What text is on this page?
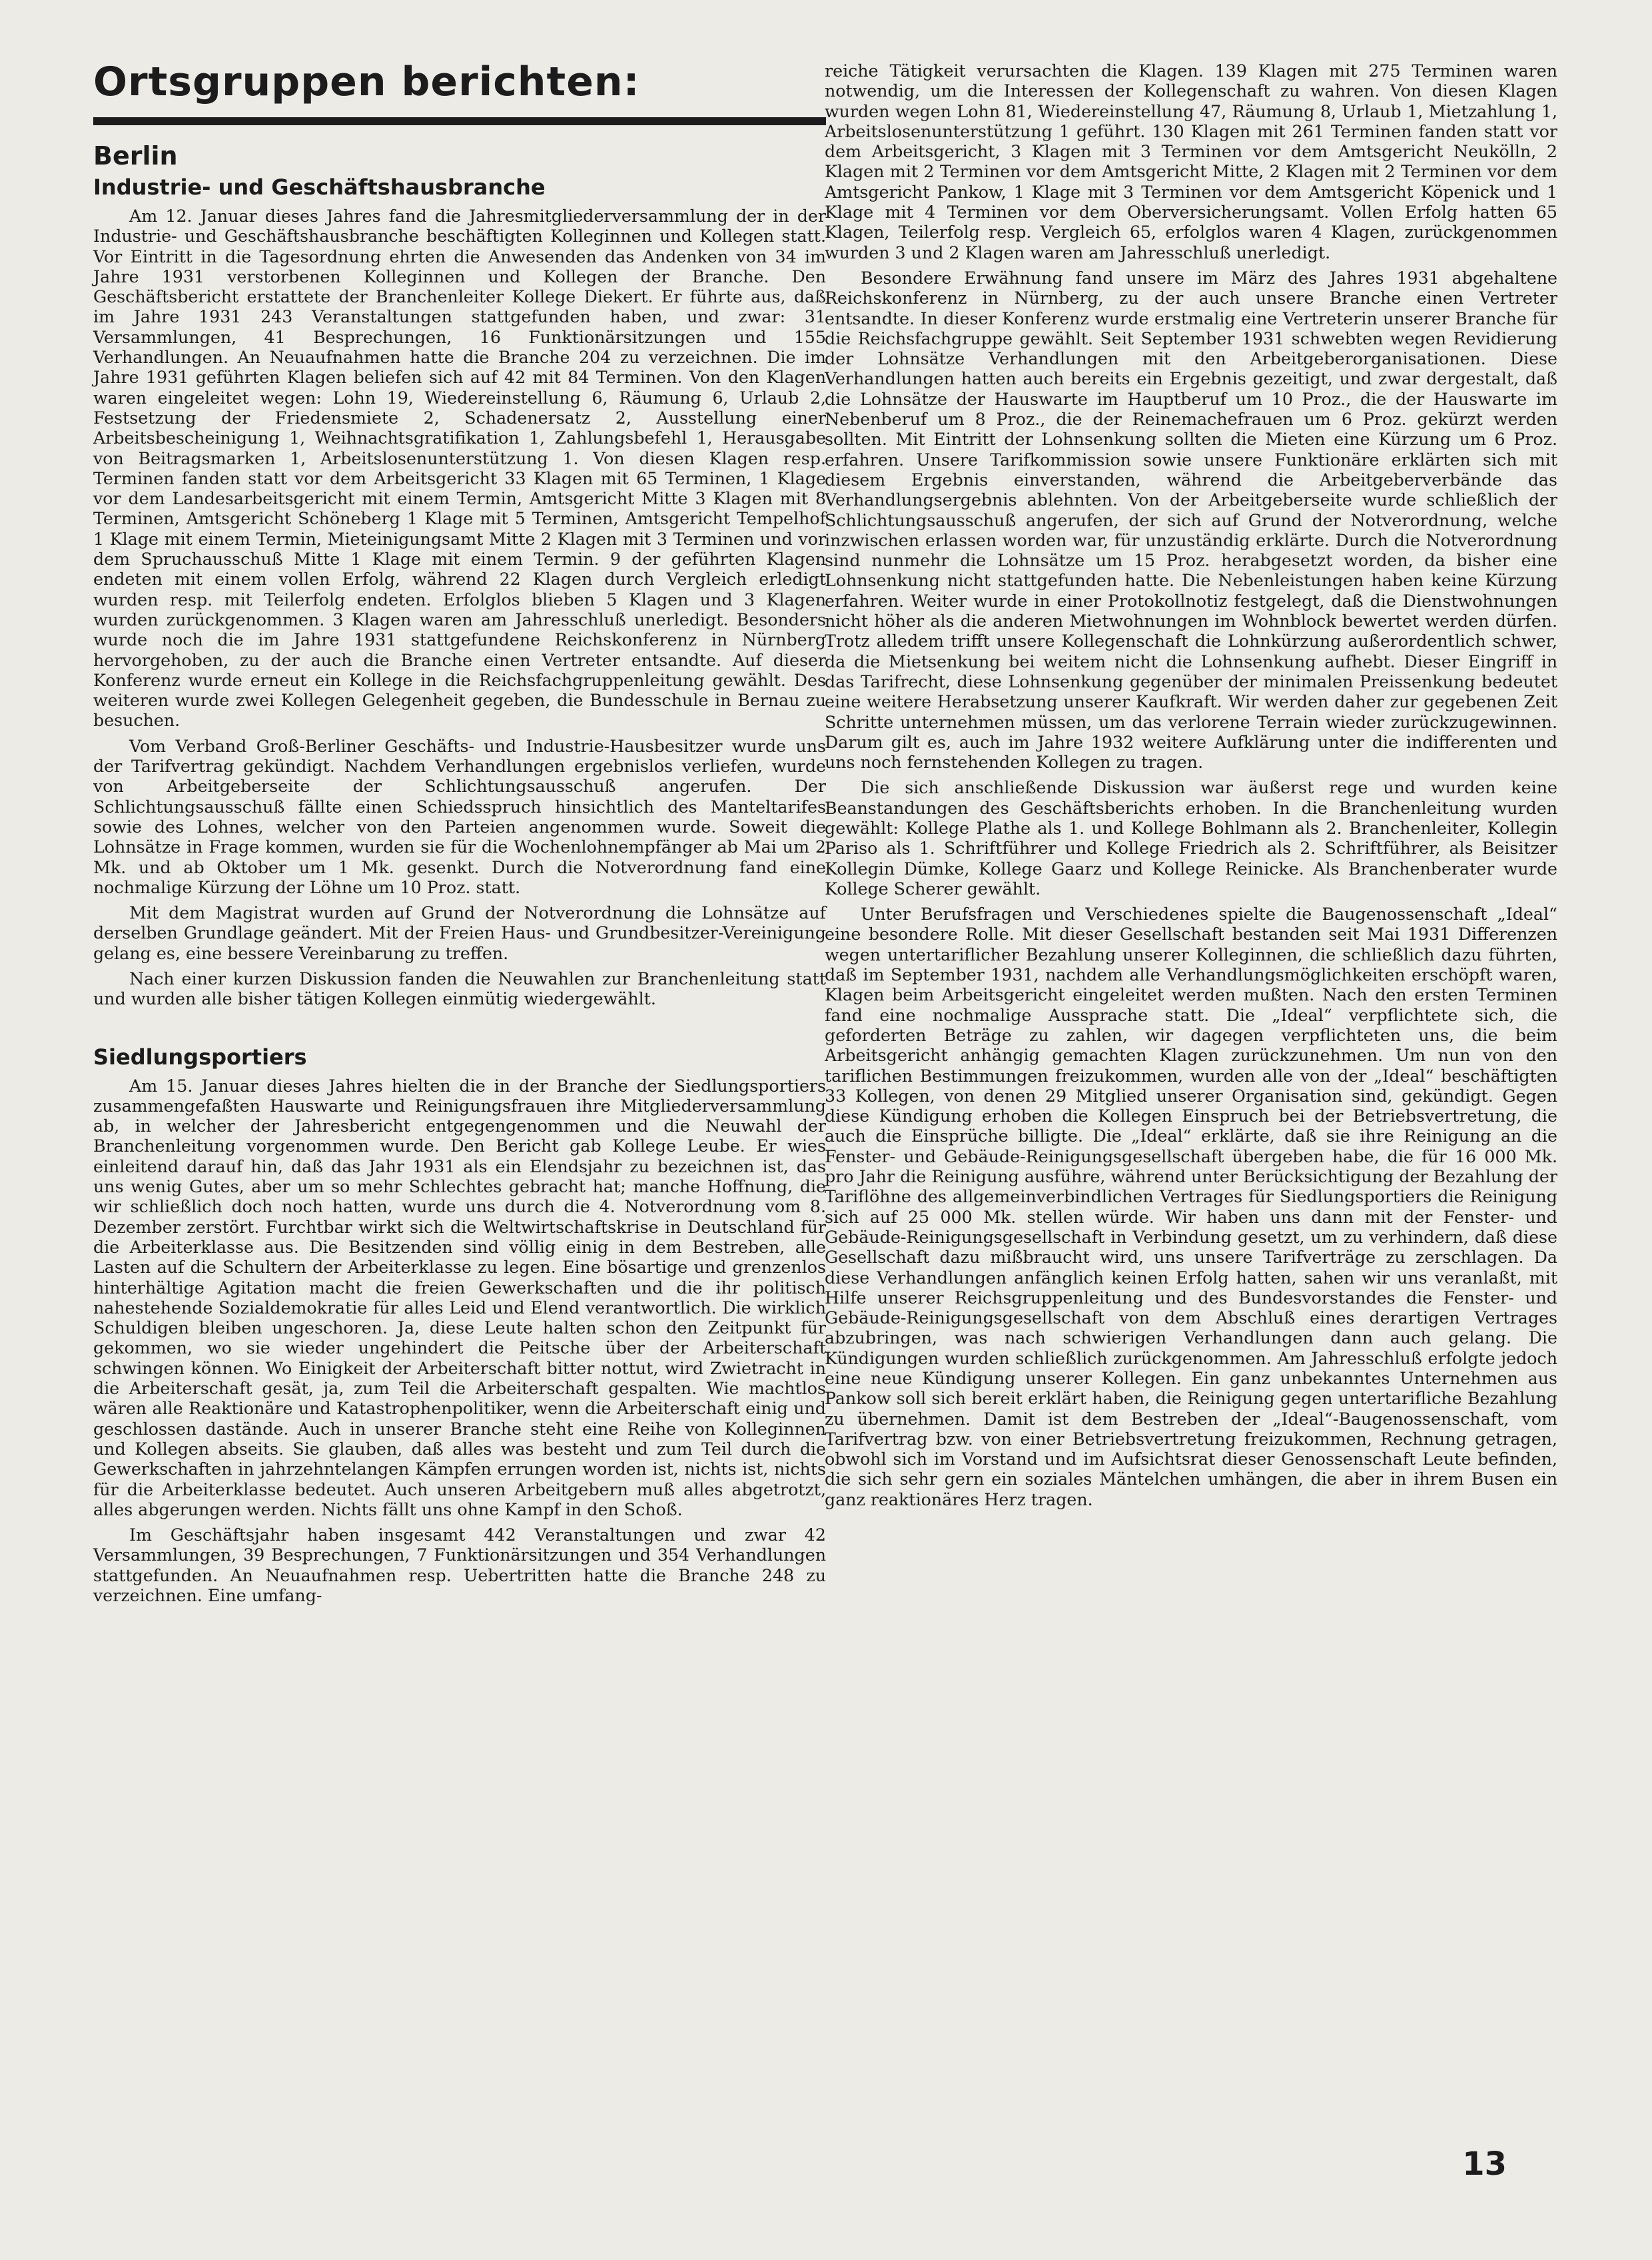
Ortsgruppen berichten:
Berlin
Industrie- und Geschäftshausbranche

Am 12. Januar dieses Jahres fand die Jahresmitgliederversammlung der in der Industrie- und Geschäftshausbranche beschäftigten Kolleginnen und Kollegen statt. Vor Eintritt in die Tagesordnung ehrten die Anwesenden das Andenken von 34 im Jahre 1931 verstorbenen Kolleginnen und Kollegen der Branche. Den Geschäftsbericht erstattete der Branchenleiter Kollege Diekert. Er führte aus, daß im Jahre 1931 243 Veranstaltungen stattgefunden haben, und zwar: 31 Versammlungen, 41 Besprechungen, 16 Funktionärsitzungen und 155 Verhandlungen. An Neuaufnahmen hatte die Branche 204 zu verzeichnen. Die im Jahre 1931 geführten Klagen beliefen sich auf 42 mit 84 Terminen. Von den Klagen waren eingeleitet wegen: Lohn 19, Wiedereinstellung 6, Räumung 6, Urlaub 2, Festsetzung der Friedensmiete 2, Schadenersatz 2, Ausstellung einer Arbeitsbescheinigung 1, Weihnachtsgratifikation 1, Zahlungsbefehl 1, Herausgabe von Beitragsmarken 1, Arbeitslosenunterstützung 1. Von diesen Klagen resp. Terminen fanden statt vor dem Arbeitsgericht 33 Klagen mit 65 Terminen, 1 Klage vor dem Landesarbeitsgericht mit einem Termin, Amtsgericht Mitte 3 Klagen mit 8 Terminen, Amtsgericht Schöneberg 1 Klage mit 5 Terminen, Amtsgericht Tempelhof 1 Klage mit einem Termin, Mieteinigungsamt Mitte 2 Klagen mit 3 Terminen und vor dem Spruchausschuß Mitte 1 Klage mit einem Termin. 9 der geführten Klagen endeten mit einem vollen Erfolg, während 22 Klagen durch Vergleich erledigt wurden resp. mit Teilerfolg endeten. Erfolglos blieben 5 Klagen und 3 Klagen wurden zurückgenommen. 3 Klagen waren am Jahresschluß unerledigt. Besonders wurde noch die im Jahre 1931 stattgefundene Reichskonferenz in Nürnberg hervorgehoben, zu der auch die Branche einen Vertreter entsandte. Auf dieser Konferenz wurde erneut ein Kollege in die Reichsfachgruppenleitung gewählt. Des weiteren wurde zwei Kollegen Gelegenheit gegeben, die Bundesschule in Bernau zu besuchen.

Vom Verband Groß-Berliner Geschäfts- und Industrie-Hausbesitzer wurde uns der Tarifvertrag gekündigt. Nachdem Verhandlungen ergebnislos verliefen, wurde von Arbeitgeberseite der Schlichtungsausschuß angerufen. Der Schlichtungsausschuß fällte einen Schiedsspruch hinsichtlich des Manteltarifes sowie des Lohnes, welcher von den Parteien angenommen wurde. Soweit die Lohnsätze in Frage kommen, wurden sie für die Wochenlohnempfänger ab Mai um 2 Mk. und ab Oktober um 1 Mk. gesenkt. Durch die Notverordnung fand eine nochmalige Kürzung der Löhne um 10 Proz. statt.

Mit dem Magistrat wurden auf Grund der Notverordnung die Lohnsätze auf derselben Grundlage geändert. Mit der Freien Haus- und Grundbesitzer-Vereinigung gelang es, eine bessere Vereinbarung zu treffen.

Nach einer kurzen Diskussion fanden die Neuwahlen zur Branchenleitung statt und wurden alle bisher tätigen Kollegen einmütig wiedergewählt.

Siedlungsportiers

Am 15. Januar dieses Jahres hielten die in der Branche der Siedlungsportiers zusammengefaßten Hauswarte und Reinigungsfrauen ihre Mitgliederversammlung ab, in welcher der Jahresbericht entgegengenommen und die Neuwahl der Branchenleitung vorgenommen wurde. Den Bericht gab Kollege Leube. Er wies einleitend darauf hin, daß das Jahr 1931 als ein Elendsjahr zu bezeichnen ist, das uns wenig Gutes, aber um so mehr Schlechtes gebracht hat; manche Hoffnung, die wir schließlich doch noch hatten, wurde uns durch die 4. Notverordnung vom 8. Dezember zerstört. Furchtbar wirkt sich die Weltwirtschaftskrise in Deutschland für die Arbeiterklasse aus. Die Besitzenden sind völlig einig in dem Bestreben, alle Lasten auf die Schultern der Arbeiterklasse zu legen. Eine bösartige und grenzenlos hinterhältige Agitation macht die freien Gewerkschaften und die ihr politisch nahestehende Sozialdemokratie für alles Leid und Elend verantwortlich. Die wirklich Schuldigen bleiben ungeschoren. Ja, diese Leute halten schon den Zeitpunkt für gekommen, wo sie wieder ungehindert die Peitsche über der Arbeiterschaft schwingen können. Wo Einigkeit der Arbeiterschaft bitter nottut, wird Zwietracht in die Arbeiterschaft gesät, ja, zum Teil die Arbeiterschaft gespalten. Wie machtlos wären alle Reaktionäre und Katastrophenpolitiker, wenn die Arbeiterschaft einig und geschlossen dastände. Auch in unserer Branche steht eine Reihe von Kolleginnen und Kollegen abseits. Sie glauben, daß alles was besteht und zum Teil durch die Gewerkschaften in jahrzehntelangen Kämpfen errungen worden ist, nichts ist, nichts für die Arbeiterklasse bedeutet. Auch unseren Arbeitgebern muß alles abgetrotzt, alles abgerungen werden. Nichts fällt uns ohne Kampf in den Schoß.

Im Geschäftsjahr haben insgesamt 442 Veranstaltungen und zwar 42 Versammlungen, 39 Besprechungen, 7 Funktionärsitzungen und 354 Verhandlungen stattgefunden. An Neuaufnahmen resp. Uebertritten hatte die Branche 248 zu verzeichnen. Eine umfang-

reiche Tätigkeit verursachten die Klagen. 139 Klagen mit 275 Terminen waren notwendig, um die Interessen der Kollegenschaft zu wahren. Von diesen Klagen wurden wegen Lohn 81, Wiedereinstellung 47, Räumung 8, Urlaub 1, Mietzahlung 1, Arbeitslosenunterstützung 1 geführt. 130 Klagen mit 261 Terminen fanden statt vor dem Arbeitsgericht, 3 Klagen mit 3 Terminen vor dem Amtsgericht Neukölln, 2 Klagen mit 2 Terminen vor dem Amtsgericht Mitte, 2 Klagen mit 2 Terminen vor dem Amtsgericht Pankow, 1 Klage mit 3 Terminen vor dem Amtsgericht Köpenick und 1 Klage mit 4 Terminen vor dem Oberversicherungsamt. Vollen Erfolg hatten 65 Klagen, Teilerfolg resp. Vergleich 65, erfolglos waren 4 Klagen, zurückgenommen wurden 3 und 2 Klagen waren am Jahresschluß unerledigt.

Besondere Erwähnung fand unsere im März des Jahres 1931 abgehaltene Reichskonferenz in Nürnberg, zu der auch unsere Branche einen Vertreter entsandte. In dieser Konferenz wurde erstmalig eine Vertreterin unserer Branche für die Reichsfachgruppe gewählt. Seit September 1931 schwebten wegen Revidierung der Lohnsätze Verhandlungen mit den Arbeitgeberorganisationen. Diese Verhandlungen hatten auch bereits ein Ergebnis gezeitigt, und zwar dergestalt, daß die Lohnsätze der Hauswarte im Hauptberuf um 10 Proz., die der Hauswarte im Nebenberuf um 8 Proz., die der Reinemachefrauen um 6 Proz. gekürzt werden sollten. Mit Eintritt der Lohnsenkung sollten die Mieten eine Kürzung um 6 Proz. erfahren. Unsere Tarifkommission sowie unsere Funktionäre erklärten sich mit diesem Ergebnis einverstanden, während die Arbeitgeberverbände das Verhandlungsergebnis ablehnten. Von der Arbeitgeberseite wurde schließlich der Schlichtungsausschuß angerufen, der sich auf Grund der Notverordnung, welche inzwischen erlassen worden war, für unzuständig erklärte. Durch die Notverordnung sind nunmehr die Lohnsätze um 15 Proz. herabgesetzt worden, da bisher eine Lohnsenkung nicht stattgefunden hatte. Die Nebenleistungen haben keine Kürzung erfahren. Weiter wurde in einer Protokollnotiz festgelegt, daß die Dienstwohnungen nicht höher als die anderen Mietwohnungen im Wohnblock bewertet werden dürfen. Trotz alledem trifft unsere Kollegenschaft die Lohnkürzung außerordentlich schwer, da die Mietsenkung bei weitem nicht die Lohnsenkung aufhebt. Dieser Eingriff in das Tarifrecht, diese Lohnsenkung gegenüber der minimalen Preissenkung bedeutet eine weitere Herabsetzung unserer Kaufkraft. Wir werden daher zur gegebenen Zeit Schritte unternehmen müssen, um das verlorene Terrain wieder zurückzugewinnen. Darum gilt es, auch im Jahre 1932 weitere Aufklärung unter die indifferenten und uns noch fernstehenden Kollegen zu tragen.

Die sich anschließende Diskussion war äußerst rege und wurden keine Beanstandungen des Geschäftsberichts erhoben. In die Branchenleitung wurden gewählt: Kollege Plathe als 1. und Kollege Bohlmann als 2. Branchenleiter, Kollegin Pariso als 1. Schriftführer und Kollege Friedrich als 2. Schriftführer, als Beisitzer Kollegin Dümke, Kollege Gaarz und Kollege Reinicke. Als Branchenberater wurde Kollege Scherer gewählt.

Unter Berufsfragen und Verschiedenes spielte die Baugenossenschaft „Ideal“ eine besondere Rolle. Mit dieser Gesellschaft bestanden seit Mai 1931 Differenzen wegen untertariflicher Bezahlung unserer Kolleginnen, die schließlich dazu führten, daß im September 1931, nachdem alle Verhandlungsmöglichkeiten erschöpft waren, Klagen beim Arbeitsgericht eingeleitet werden mußten. Nach den ersten Terminen fand eine nochmalige Aussprache statt. Die „Ideal“ verpflichtete sich, die geforderten Beträge zu zahlen, wir dagegen verpflichteten uns, die beim Arbeitsgericht anhängig gemachten Klagen zurückzunehmen. Um nun von den tariflichen Bestimmungen freizukommen, wurden alle von der „Ideal“ beschäftigten 33 Kollegen, von denen 29 Mitglied unserer Organisation sind, gekündigt. Gegen diese Kündigung erhoben die Kollegen Einspruch bei der Betriebsvertretung, die auch die Einsprüche billigte. Die „Ideal“ erklärte, daß sie ihre Reinigung an die Fenster- und Gebäude-Reinigungsgesellschaft übergeben habe, die für 16 000 Mk. pro Jahr die Reinigung ausführe, während unter Berücksichtigung der Bezahlung der Tariflöhne des allgemeinverbindlichen Vertrages für Siedlungsportiers die Reinigung sich auf 25 000 Mk. stellen würde. Wir haben uns dann mit der Fenster- und Gebäude-Reinigungsgesellschaft in Verbindung gesetzt, um zu verhindern, daß diese Gesellschaft dazu mißbraucht wird, uns unsere Tarifverträge zu zerschlagen. Da diese Verhandlungen anfänglich keinen Erfolg hatten, sahen wir uns veranlaßt, mit Hilfe unserer Reichsgruppenleitung und des Bundesvorstandes die Fenster- und Gebäude-Reinigungsgesellschaft von dem Abschluß eines derartigen Vertrages abzubringen, was nach schwierigen Verhandlungen dann auch gelang. Die Kündigungen wurden schließlich zurückgenommen. Am Jahresschluß erfolgte jedoch eine neue Kündigung unserer Kollegen. Ein ganz unbekanntes Unternehmen aus Pankow soll sich bereit erklärt haben, die Reinigung gegen untertarifliche Bezahlung zu übernehmen. Damit ist dem Bestreben der „Ideal“-Baugenossenschaft, vom Tarifvertrag bzw. von einer Betriebsvertretung freizukommen, Rechnung getragen, obwohl sich im Vorstand und im Aufsichtsrat dieser Genossenschaft Leute befinden, die sich sehr gern ein soziales Mäntelchen umhängen, die aber in ihrem Busen ein ganz reaktionäres Herz tragen.

13
